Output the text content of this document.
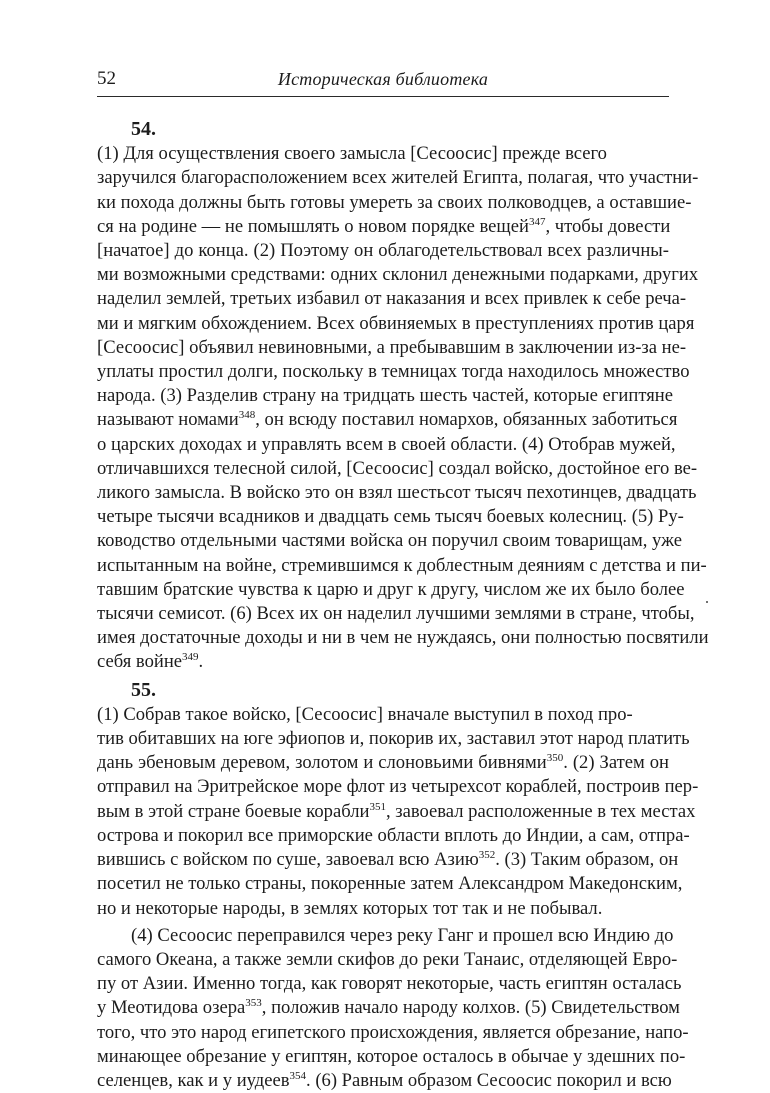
52	Историческая библиотека

54. (1) Для осуществления своего замысла [Сесоосис] прежде всего
заручился благорасположением всех жителей Египта, полагая, что участни-
ки похода должны быть готовы умереть за своих полководцев, а оставшие-
ся на родине — не помышлять о новом порядке вещей$^{347}$, чтобы довести
[начатое] до конца. (2) Поэтому он облагодетельствовал всех различны-
ми возможными средствами: одних склонил денежными подарками, других
наделил землей, третьих избавил от наказания и всех привлек к себе реча-
ми и мягким обхождением. Всех обвиняемых в преступлениях против царя
[Сесоосис] объявил невиновными, а пребывавшим в заключении из-за не-
уплаты простил долги, поскольку в темницах тогда находилось множество
народа. (3) Разделив страну на тридцать шесть частей, которые египтяне
называют номами$^{348}$, он всюду поставил номархов, обязанных заботиться
о царских доходах и управлять всем в своей области. (4) Отобрав мужей,
отличавшихся телесной силой, [Сесоосис] создал войско, достойное его ве-
ликого замысла. В войско это он взял шестьсот тысяч пехотинцев, двадцать
четыре тысячи всадников и двадцать семь тысяч боевых колесниц. (5) Ру-
ководство отдельными частями войска он поручил своим товарищам, уже
испытанным на войне, стремившимся к доблестным деяниям с детства и пи-
тавшим братские чувства к царю и друг к другу, числом же их было более
тысячи семисот. (6) Всех их он наделил лучшими землями в стране, чтобы,
имея достаточные доходы и ни в чем не нуждаясь, они полностью посвятили
себя войне$^{349}$.

55. (1) Собрав такое войско, [Сесоосис] вначале выступил в поход про-
тив обитавших на юге эфиопов и, покорив их, заставил этот народ платить
дань эбеновым деревом, золотом и слоновьими бивнями$^{350}$. (2) Затем он
отправил на Эритрейское море флот из четырехсот кораблей, построив пер-
вым в этой стране боевые корабли$^{351}$, завоевал расположенные в тех местах
острова и покорил все приморские области вплоть до Индии, а сам, отпра-
вившись с войском по суше, завоевал всю Азию$^{352}$. (3) Таким образом, он
посетил не только страны, покоренные затем Александром Македонским,
но и некоторые народы, в землях которых тот так и не побывал.

(4) Сесоосис переправился через реку Ганг и прошел всю Индию до
самого Океана, а также земли скифов до реки Танаис, отделяющей Евро-
пу от Азии. Именно тогда, как говорят некоторые, часть египтян осталась
у Меотидова озера$^{353}$, положив начало народу колхов. (5) Свидетельством
того, что это народ египетского происхождения, является обрезание, напо-
минающее обрезание у египтян, которое осталось в обычае у здешних по-
селенцев, как и у иудеев$^{354}$. (6) Равным образом Сесоосис покорил и всю
